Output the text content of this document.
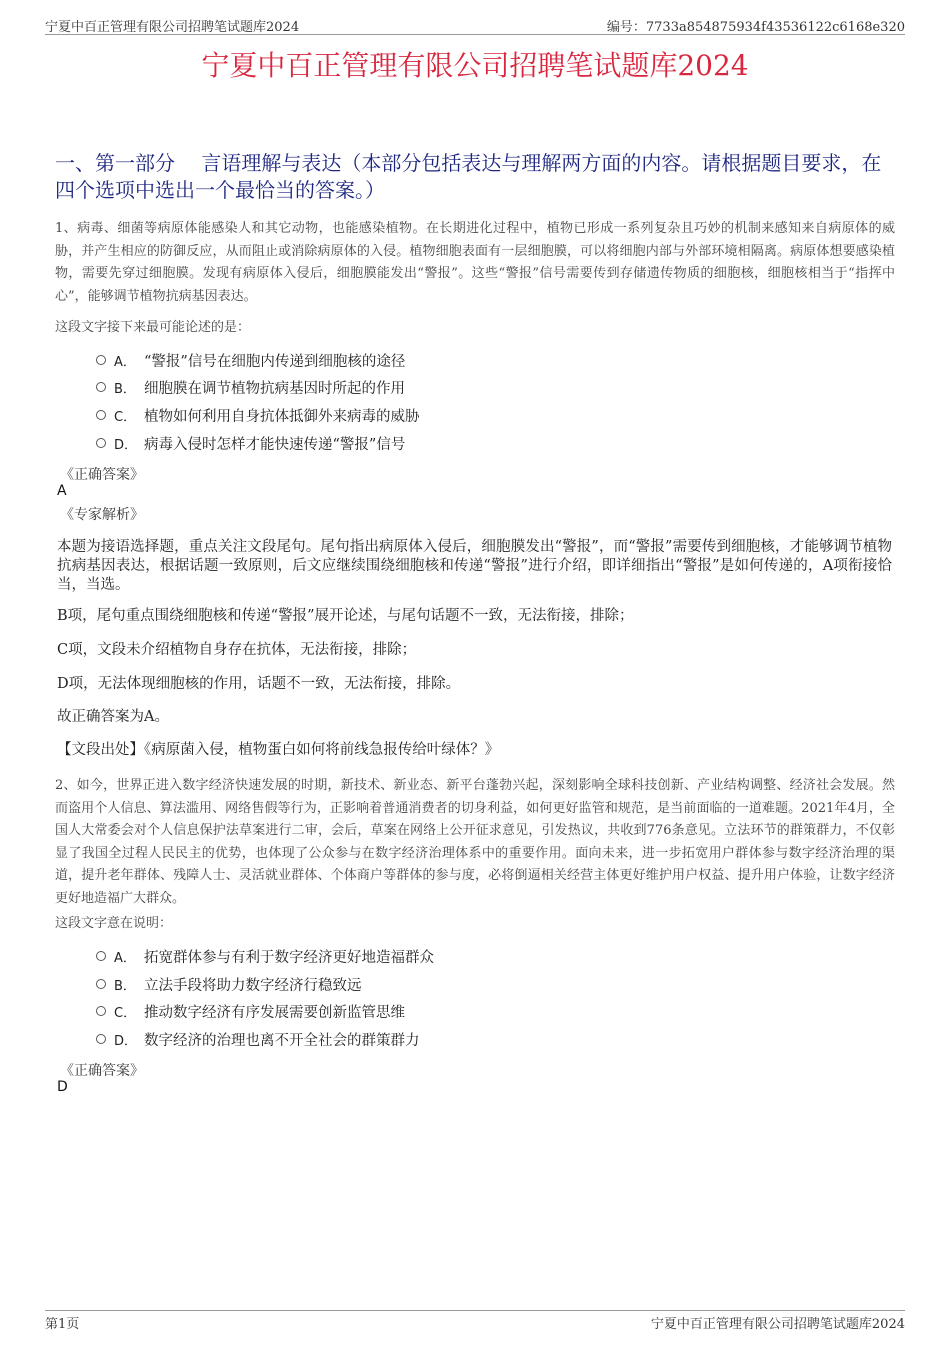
宁夏中百正管理有限公司招聘笔试题库2024	编号：7733a854875934f43536122c6168e320
宁夏中百正管理有限公司招聘笔试题库2024
一、第一部分　 言语理解与表达（本部分包括表达与理解两方面的内容。请根据题目要求，在四个选项中选出一个最恰当的答案。）
1、病毒、细菌等病原体能感染人和其它动物，也能感染植物。在长期进化过程中，植物已形成一系列复杂且巧妙的机制来感知来自病原体的威胁，并产生相应的防御反应，从而阻止或消除病原体的入侵。植物细胞表面有一层细胞膜，可以将细胞内部与外部环境相隔离。病原体想要感染植物，需要先穿过细胞膜。发现有病原体入侵后，细胞膜能发出“警报”。这些“警报”信号需要传到存储遗传物质的细胞核，细胞核相当于“指挥中心”，能够调节植物抗病基因表达。
这段文字接下来最可能论述的是：
A． “警报”信号在细胞内传递到细胞核的途径
B． 细胞膜在调节植物抗病基因时所起的作用
C． 植物如何利用自身抗体抵御外来病毒的威胁
D． 病毒入侵时怎样才能快速传递“警报”信号
《正确答案》
A
《专家解析》
本题为接语选择题，重点关注文段尾句。尾句指出病原体入侵后，细胞膜发出“警报”，而“警报”需要传到细胞核，才能够调节植物抗病基因表达，根据话题一致原则，后文应继续围绕细胞核和传递“警报”进行介绍，即详细指出“警报”是如何传递的，A项衔接恰当，当选。
B项，尾句重点围绕细胞核和传递“警报”展开论述，与尾句话题不一致，无法衔接，排除；
C项，文段未介绍植物自身存在抗体，无法衔接，排除；
D项，无法体现细胞核的作用，话题不一致，无法衔接，排除。
故正确答案为A。
【文段出处】《病原菌入侵，植物蛋白如何将前线急报传给叶绿体？》
2、如今，世界正进入数字经济快速发展的时期，新技术、新业态、新平台蓬勃兴起，深刻影响全球科技创新、产业结构调整、经济社会发展。然而盗用个人信息、算法滥用、网络售假等行为，正影响着普通消费者的切身利益，如何更好监管和规范，是当前面临的一道难题。2021年4月，全国人大常委会对个人信息保护法草案进行二审，会后，草案在网络上公开征求意见，引发热议，共收到776条意见。立法环节的群策群力，不仅彰显了我国全过程人民民主的优势，也体现了公众参与在数字经济治理体系中的重要作用。面向未来，进一步拓宽用户群体参与数字经济治理的渠道，提升老年群体、残障人士、灵活就业群体、个体商户等群体的参与度，必将倒逼相关经营主体更好维护用户权益、提升用户体验，让数字经济更好地造福广大群众。
这段文字意在说明：
A． 拓宽群体参与有利于数字经济更好地造福群众
B． 立法手段将助力数字经济行稳致远
C． 推动数字经济有序发展需要创新监管思维
D． 数字经济的治理也离不开全社会的群策群力
《正确答案》
D
第1页	宁夏中百正管理有限公司招聘笔试题库2024
